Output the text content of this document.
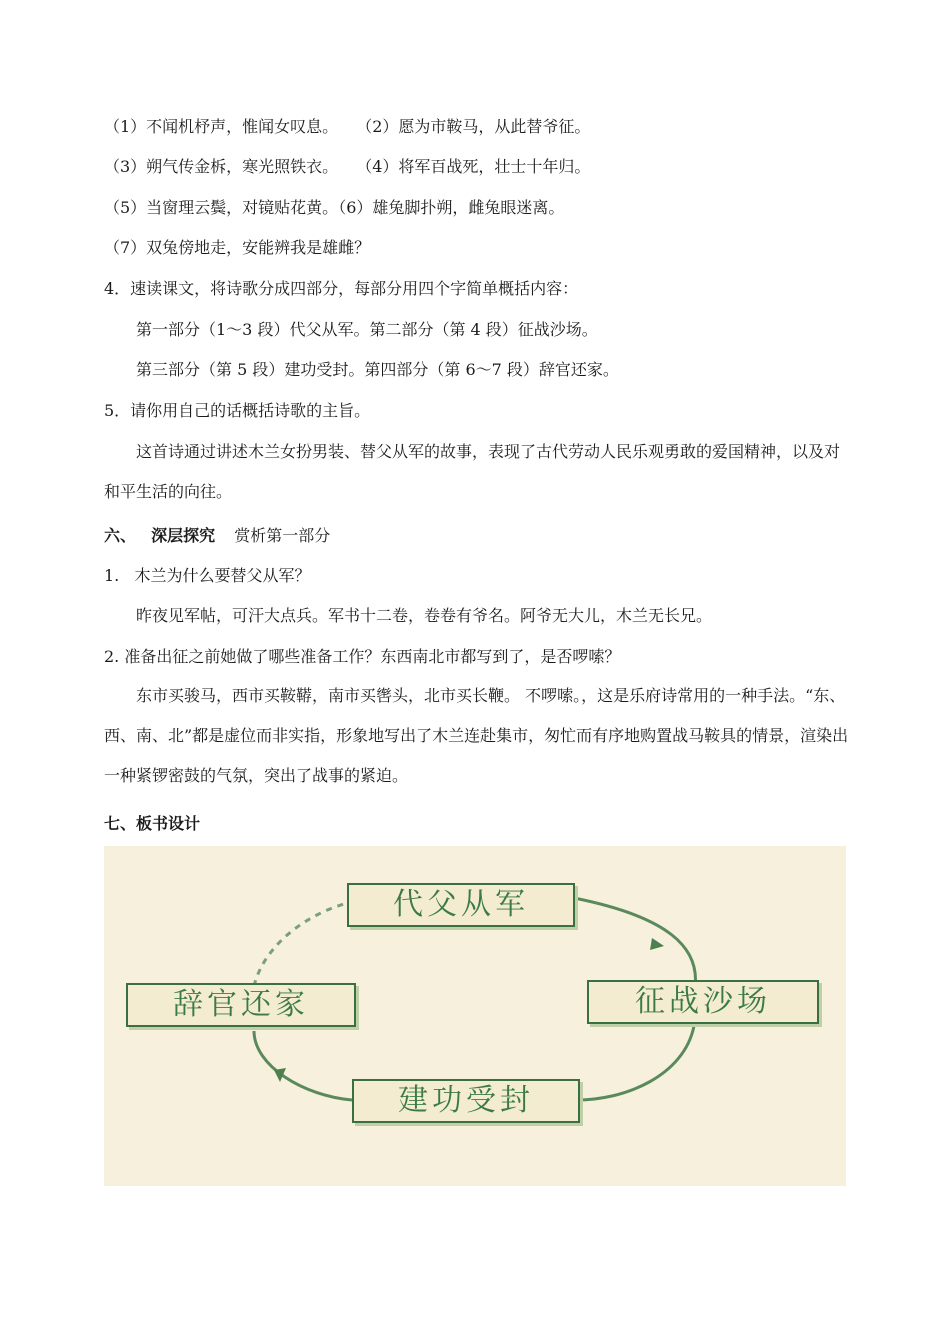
（1）不闻机杼声，惟闻女叹息。 （2）愿为市鞍马，从此替爷征。
（3）朔气传金柝，寒光照铁衣。 （4）将军百战死，壮士十年归。
（5）当窗理云鬓，对镜贴花黄。（6）雄兔脚扑朔，雌兔眼迷离。
（7）双兔傍地走，安能辨我是雄雌？
4．速读课文，将诗歌分成四部分，每部分用四个字简单概括内容：
第一部分（1～3 段）代父从军。第二部分（第 4 段）征战沙场。
第三部分（第 5 段）建功受封。第四部分（第 6～7 段）辞官还家。
5．请你用自己的话概括诗歌的主旨。
这首诗通过讲述木兰女扮男装、替父从军的故事，表现了古代劳动人民乐观勇敢的爱国精神，以及对和平生活的向往。
六、 深层探究 赏析第一部分
1.   木兰为什么要替父从军？
昨夜见军帖，可汗大点兵。军书十二卷，卷卷有爷名。阿爷无大儿，木兰无长兄。
2. 准备出征之前她做了哪些准备工作？东西南北市都写到了，是否啰嗦？
东市买骏马，西市买鞍鞯，南市买辔头，北市买长鞭。 不啰嗦。，这是乐府诗常用的一种手法。“东、西、南、北”都是虚位而非实指，形象地写出了木兰连赴集市，匆忙而有序地购置战马鞍具的情景，渲染出一种紧锣密鼓的气氛，突出了战事的紧迫。
七、板书设计
代父从军
征战沙场
建功受封
辞官还家
